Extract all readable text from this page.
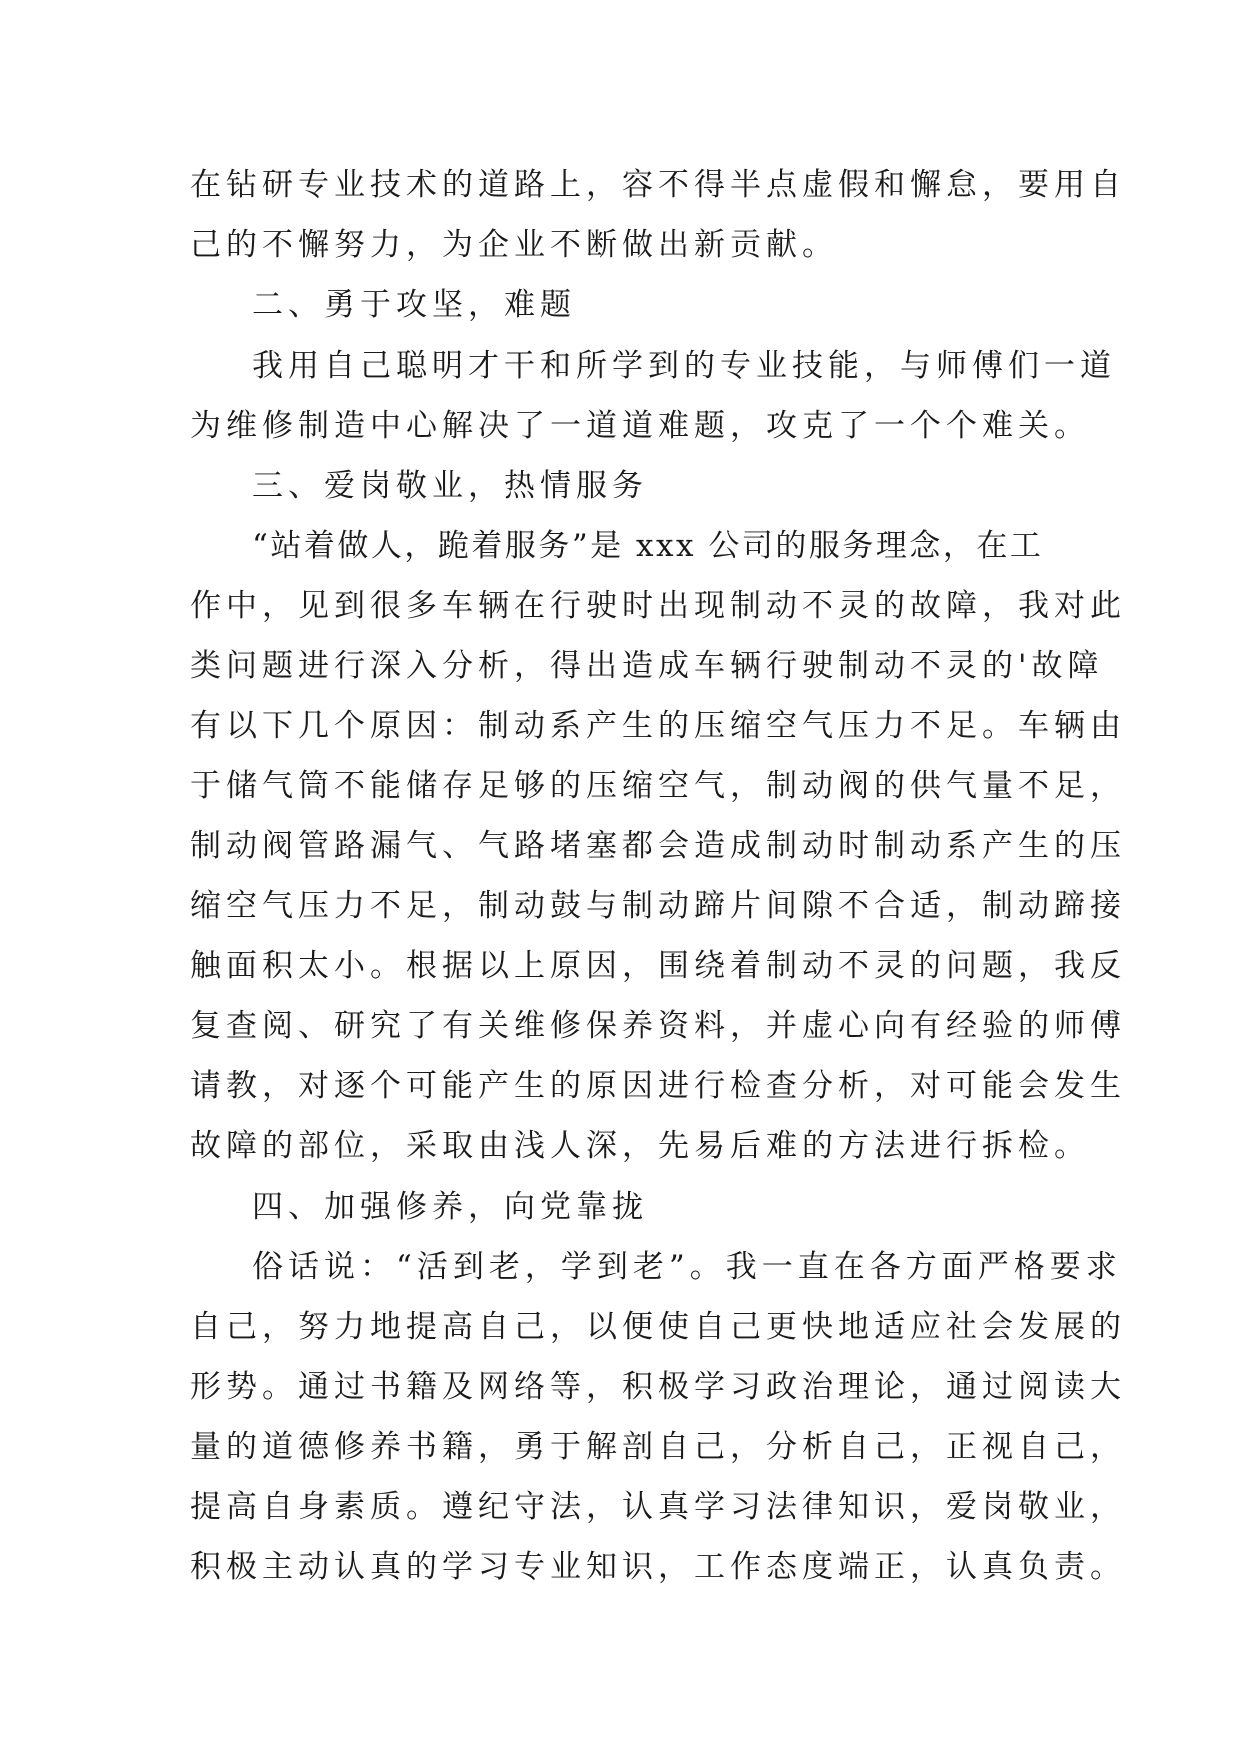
在钻研专业技术的道路上，容不得半点虚假和懈怠，要用自

己的不懈努力，为企业不断做出新贡献。

二、勇于攻坚，难题

我用自己聪明才干和所学到的专业技能，与师傅们一道

为维修制造中心解决了一道道难题，攻克了一个个难关。

三、爱岗敬业，热情服务

“站着做人，跪着服务”是 xxx 公司的服务理念，在工

作中，见到很多车辆在行驶时出现制动不灵的故障，我对此

类问题进行深入分析，得出造成车辆行驶制动不灵的'故障

有以下几个原因：制动系产生的压缩空气压力不足。车辆由

于储气筒不能储存足够的压缩空气，制动阀的供气量不足，

制动阀管路漏气、气路堵塞都会造成制动时制动系产生的压

缩空气压力不足，制动鼓与制动蹄片间隙不合适，制动蹄接

触面积太小。根据以上原因，围绕着制动不灵的问题，我反

复查阅、研究了有关维修保养资料，并虚心向有经验的师傅

请教，对逐个可能产生的原因进行检查分析，对可能会发生

故障的部位，采取由浅人深，先易后难的方法进行拆检。

四、加强修养，向党靠拢

俗话说：“活到老，学到老”。我一直在各方面严格要求

自己，努力地提高自己，以便使自己更快地适应社会发展的

形势。通过书籍及网络等，积极学习政治理论，通过阅读大

量的道德修养书籍，勇于解剖自己，分析自己，正视自己，

提高自身素质。遵纪守法，认真学习法律知识，爱岗敬业，

积极主动认真的学习专业知识，工作态度端正，认真负责。
